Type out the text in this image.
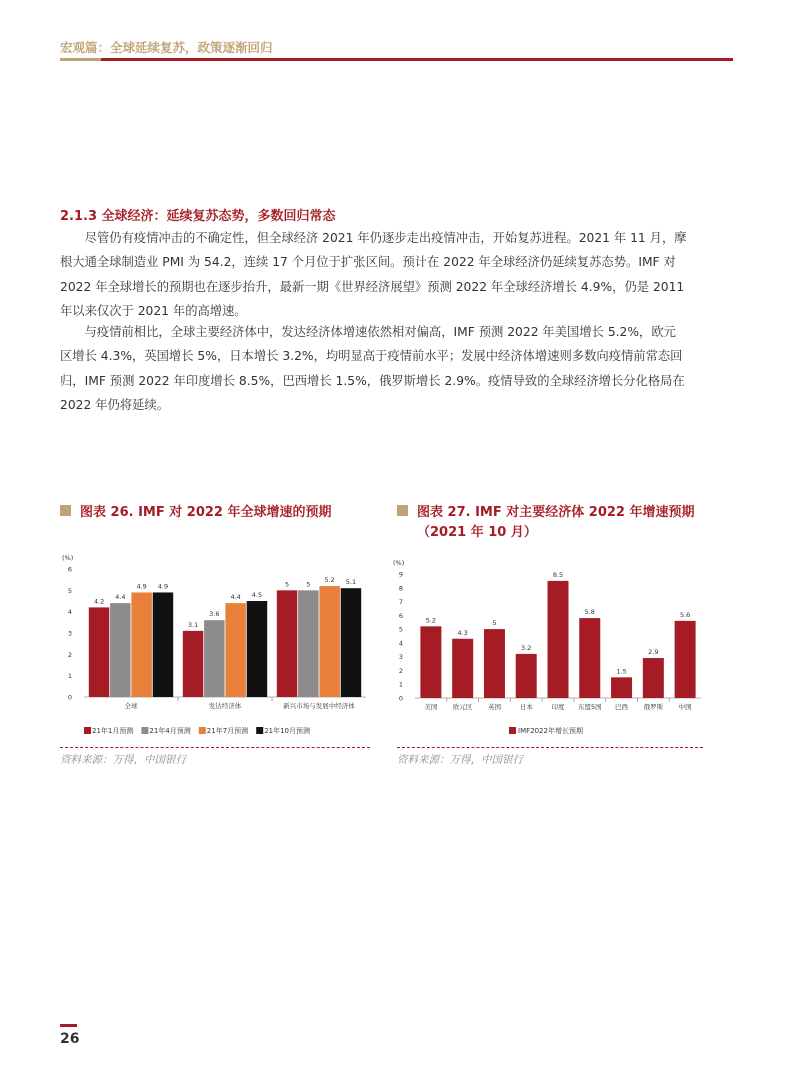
宏观篇：全球延续复苏，政策逐渐回归
2.1.3 全球经济：延续复苏态势，多数回归常态
尽管仍有疫情冲击的不确定性，但全球经济 2021 年仍逐步走出疫情冲击，开始复苏进程。2021 年 11 月，摩
根大通全球制造业 PMI 为 54.2，连续 17 个月位于扩张区间。预计在 2022 年全球经济仍延续复苏态势。IMF 对
2022 年全球增长的预期也在逐步抬升，最新一期《世界经济展望》预测 2022 年全球经济增长 4.9%，仍是 2011
年以来仅次于 2021 年的高增速。
与疫情前相比，全球主要经济体中，发达经济体增速依然相对偏高，IMF 预测 2022 年美国增长 5.2%，欧元
区增长 4.3%，英国增长 5%，日本增长 3.2%，均明显高于疫情前水平；发展中经济体增速则多数向疫情前常态回
归，IMF 预测 2022 年印度增长 8.5%，巴西增长 1.5%，俄罗斯增长 2.9%。疫情导致的全球经济增长分化格局在
2022 年仍将延续。
图表 26. IMF 对 2022 年全球增速的预期
(%)
0
1
2
3
4
5
6
全球
4.2
4.4
4.9 4.9
发达经济体
3.1
3.6
4.4 4.5
新兴市场与发展中经济体
5	5
5.2 5.1
21年1月预测 21年4月预测 21年7月预测 21年10月预测
资料来源：万得，中国银行
图表 27. IMF 对主要经济体 2022 年增速预期
（2021 年 10 月）
(%)
0
1
2
3
4
5
6
7
8
9
美国
5.2
欧元区
4.3
英国
5
日本
3.2
印度
8.5
东盟5国
5.8
巴西
1.5
俄罗斯
2.9
中国
5.6
IMF2022年增长预期
资料来源：万得，中国银行
26
